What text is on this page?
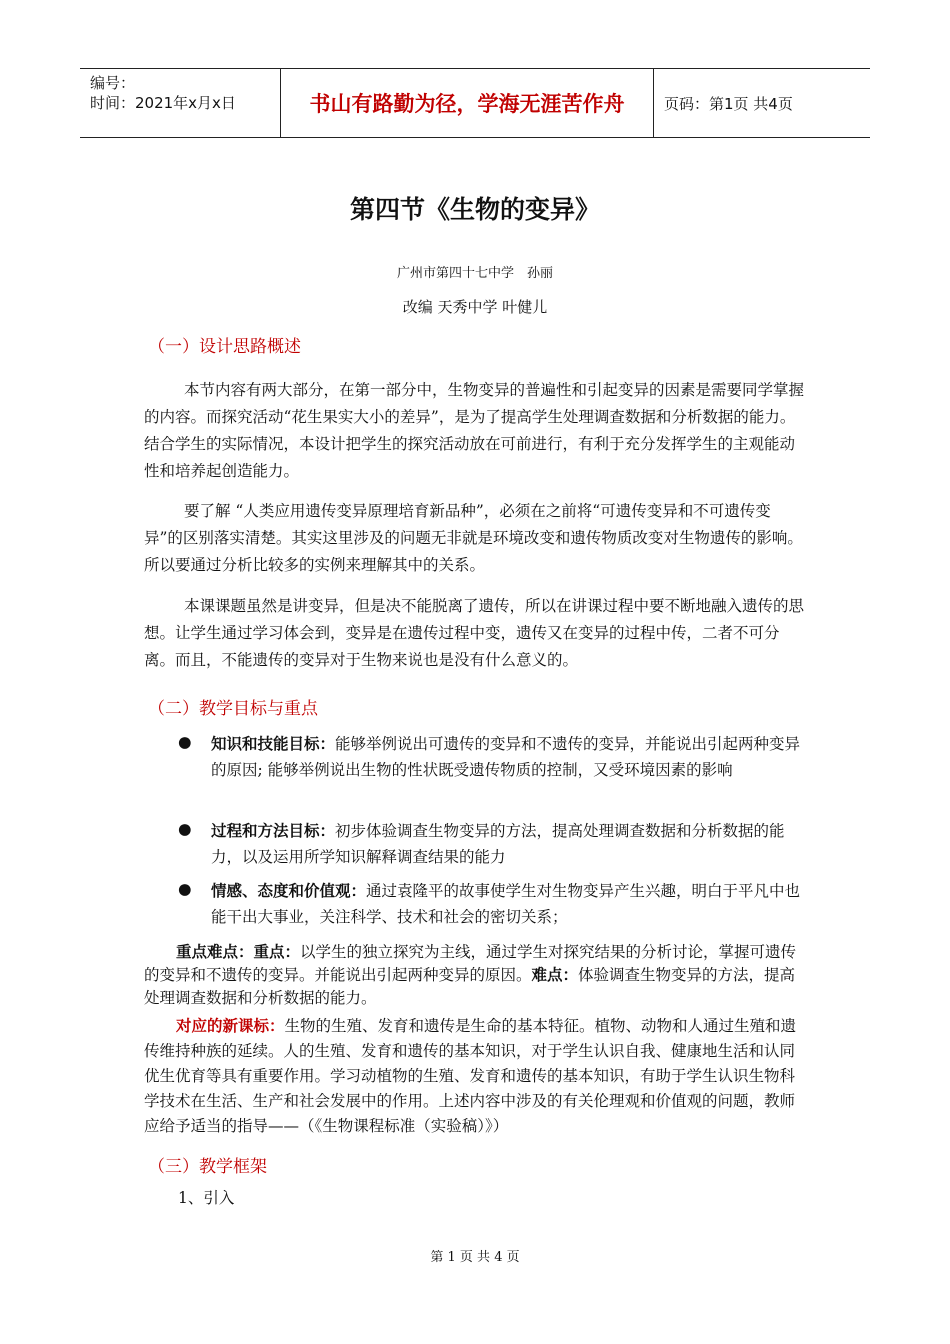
编号：
时间：2021年x月x日	书山有路勤为径，学海无涯苦作舟	页码：第1页 共4页
第四节《生物的变异》
广州市第四十七中学　孙丽
改编 天秀中学 叶健儿
（一）设计思路概述

本节内容有两大部分，在第一部分中，生物变异的普遍性和引起变异的因素是需要同学掌握的内容。而探究活动“花生果实大小的差异”，是为了提高学生处理调查数据和分析数据的能力。结合学生的实际情况，本设计把学生的探究活动放在可前进行，有利于充分发挥学生的主观能动性和培养起创造能力。

要了解 “人类应用遗传变异原理培育新品种”，必须在之前将“可遗传变异和不可遗传变异”的区别落实清楚。其实这里涉及的问题无非就是环境改变和遗传物质改变对生物遗传的影响。所以要通过分析比较多的实例来理解其中的关系。

本课课题虽然是讲变异，但是决不能脱离了遗传，所以在讲课过程中要不断地融入遗传的思想。让学生通过学习体会到，变异是在遗传过程中变，遗传又在变异的过程中传，二者不可分离。而且，不能遗传的变异对于生物来说也是没有什么意义的。

（二）教学目标与重点
● 知识和技能目标：能够举例说出可遗传的变异和不遗传的变异，并能说出引起两种变异的原因; 能够举例说出生物的性状既受遗传物质的控制，又受环境因素的影响
● 过程和方法目标：初步体验调查生物变异的方法，提高处理调查数据和分析数据的能力，以及运用所学知识解释调查结果的能力
● 情感、态度和价值观：通过袁隆平的故事使学生对生物变异产生兴趣，明白于平凡中也能干出大事业，关注科学、技术和社会的密切关系；

重点难点：重点：以学生的独立探究为主线，通过学生对探究结果的分析讨论，掌握可遗传的变异和不遗传的变异。并能说出引起两种变异的原因。难点：体验调查生物变异的方法，提高处理调查数据和分析数据的能力。

对应的新课标：生物的生殖、发育和遗传是生命的基本特征。植物、动物和人通过生殖和遗传维持种族的延续。人的生殖、发育和遗传的基本知识，对于学生认识自我、健康地生活和认同优生优育等具有重要作用。学习动植物的生殖、发育和遗传的基本知识，有助于学生认识生物科学技术在生活、生产和社会发展中的作用。上述内容中涉及的有关伦理观和价值观的问题，教师应给予适当的指导——（《生物课程标准（实验稿）》）

（三）教学框架
1、引入
第 1 页 共 4 页
